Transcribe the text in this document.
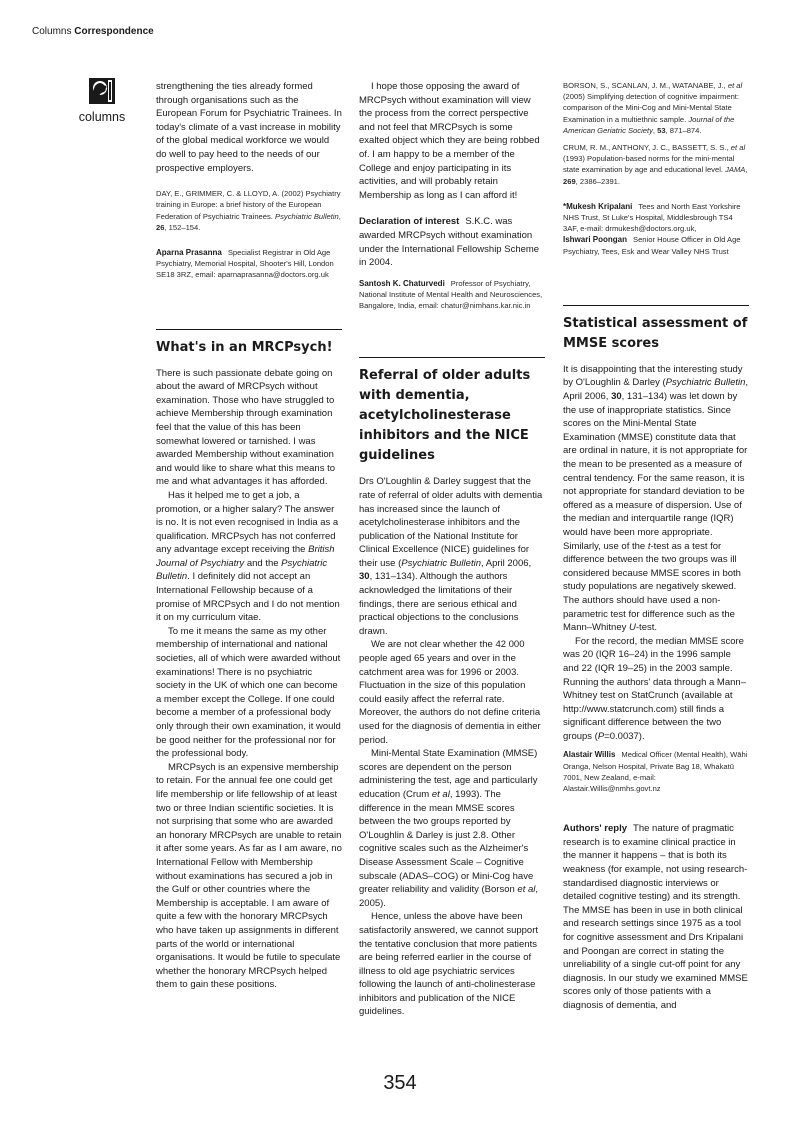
Columns Correspondence
columns

strengthening the ties already formed through organisations such as the European Forum for Psychiatric Trainees. In today's climate of a vast increase in mobility of the global medical workforce we would do well to pay heed to the needs of our prospective employers.

DAY, E., GRIMMER, C. & LLOYD, A. (2002) Psychiatry training in Europe: a brief history of the European Federation of Psychiatric Trainees. Psychiatric Bulletin, 26, 152–154.

Aparna Prasanna Specialist Registrar in Old Age Psychiatry, Memorial Hospital, Shooter's Hill, London SE18 3RZ, email: aparnaprasanna@doctors.org.uk

What's in an MRCPsych!

There is such passionate debate going on about the award of MRCPsych without examination. Those who have struggled to achieve Membership through examination feel that the value of this has been somewhat lowered or tarnished. I was awarded Membership without examination and would like to share what this means to me and what advantages it has afforded.

Has it helped me to get a job, a promotion, or a higher salary? The answer is no. It is not even recognised in India as a qualification. MRCPsych has not conferred any advantage except receiving the British Journal of Psychiatry and the Psychiatric Bulletin. I definitely did not accept an International Fellowship because of a promise of MRCPsych and I do not mention it on my curriculum vitae.

To me it means the same as my other membership of international and national societies, all of which were awarded without examinations! There is no psychiatric society in the UK of which one can become a member except the College. If one could become a member of a professional body only through their own examination, it would be good neither for the professional nor for the professional body.

MRCPsych is an expensive membership to retain. For the annual fee one could get life membership or life fellowship of at least two or three Indian scientific societies. It is not surprising that some who are awarded an honorary MRCPsych are unable to retain it after some years. As far as I am aware, no International Fellow with Membership without examinations has secured a job in the Gulf or other countries where the Membership is acceptable. I am aware of quite a few with the honorary MRCPsych who have taken up assignments in different parts of the world or international organisations. It would be futile to speculate whether the honorary MRCPsych helped them to gain these positions.

I hope those opposing the award of MRCPsych without examination will view the process from the correct perspective and not feel that MRCPsych is some exalted object which they are being robbed of. I am happy to be a member of the College and enjoy participating in its activities, and will probably retain Membership as long as I can afford it!

Declaration of interest S.K.C. was awarded MRCPsych without examination under the International Fellowship Scheme in 2004.

Santosh K. Chaturvedi Professor of Psychiatry, National Institute of Mental Health and Neurosciences, Bangalore, India, email: chatur@nimhans.kar.nic.in

Referral of older adults with dementia, acetylcholinesterase inhibitors and the NICE guidelines

Drs O'Loughlin & Darley suggest that the rate of referral of older adults with dementia has increased since the launch of acetylcholinesterase inhibitors and the publication of the National Institute for Clinical Excellence (NICE) guidelines for their use (Psychiatric Bulletin, April 2006, 30, 131–134). Although the authors acknowledged the limitations of their findings, there are serious ethical and practical objections to the conclusions drawn.

We are not clear whether the 42 000 people aged 65 years and over in the catchment area was for 1996 or 2003. Fluctuation in the size of this population could easily affect the referral rate. Moreover, the authors do not define criteria used for the diagnosis of dementia in either period.

Mini-Mental State Examination (MMSE) scores are dependent on the person administering the test, age and particularly education (Crum et al, 1993). The difference in the mean MMSE scores between the two groups reported by O'Loughlin & Darley is just 2.8. Other cognitive scales such as the Alzheimer's Disease Assessment Scale – Cognitive subscale (ADAS–COG) or Mini-Cog have greater reliability and validity (Borson et al, 2005).

Hence, unless the above have been satisfactorily answered, we cannot support the tentative conclusion that more patients are being referred earlier in the course of illness to old age psychiatric services following the launch of anti-cholinesterase inhibitors and publication of the NICE guidelines.

BORSON, S., SCANLAN, J. M., WATANABE, J., et al (2005) Simplifying detection of cognitive impairment: comparison of the Mini-Cog and Mini-Mental State Examination in a multiethnic sample. Journal of the American Geriatric Society, 53, 871–874.

CRUM, R. M., ANTHONY, J. C., BASSETT, S. S., et al (1993) Population-based norms for the mini-mental state examination by age and educational level. JAMA, 269, 2386–2391.

*Mukesh Kripalani Tees and North East Yorkshire NHS Trust, St Luke's Hospital, Middlesbrough TS4 3AF, e-mail: drmukesh@doctors.org.uk,

Ishwari Poongan Senior House Officer in Old Age Psychiatry, Tees, Esk and Wear Valley NHS Trust

Statistical assessment of MMSE scores

It is disappointing that the interesting study by O'Loughlin & Darley (Psychiatric Bulletin, April 2006, 30, 131–134) was let down by the use of inappropriate statistics. Since scores on the Mini-Mental State Examination (MMSE) constitute data that are ordinal in nature, it is not appropriate for the mean to be presented as a measure of central tendency. For the same reason, it is not appropriate for standard deviation to be offered as a measure of dispersion. Use of the median and interquartile range (IQR) would have been more appropriate. Similarly, use of the t-test as a test for difference between the two groups was ill considered because MMSE scores in both study populations are negatively skewed. The authors should have used a non-parametric test for difference such as the Mann–Whitney U-test.

For the record, the median MMSE score was 20 (IQR 16–24) in the 1996 sample and 22 (IQR 19–25) in the 2003 sample. Running the authors' data through a Mann–Whitney test on StatCrunch (available at http://www.statcrunch.com) still finds a significant difference between the two groups (P=0.0037).

Alastair Willis Medical Officer (Mental Health), Wāhi Oranga, Nelson Hospital, Private Bag 18, Whakatū 7001, New Zealand, e-mail: Alastair.Willis@nmhs.govt.nz

Authors' reply The nature of pragmatic research is to examine clinical practice in the manner it happens – that is both its weakness (for example, not using research-standardised diagnostic interviews or detailed cognitive testing) and its strength. The MMSE has been in use in both clinical and research settings since 1975 as a tool for cognitive assessment and Drs Kripalani and Poongan are correct in stating the unreliability of a single cut-off point for any diagnosis. In our study we examined MMSE scores only of those patients with a diagnosis of dementia, and

354
